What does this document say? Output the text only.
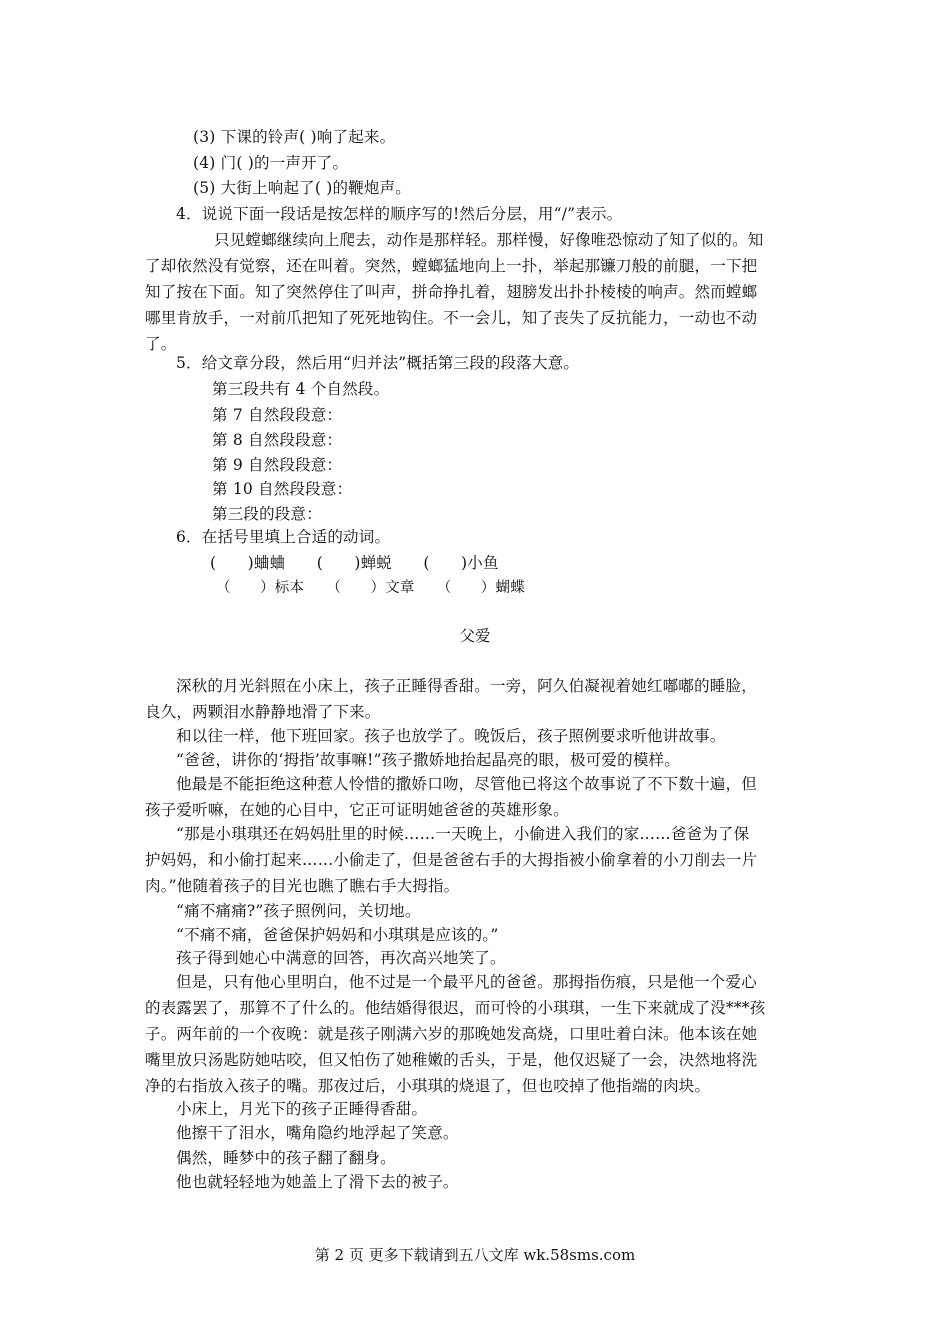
(3) 下课的铃声( )响了起来。
(4) 门( )的一声开了。
(5) 大街上响起了( )的鞭炮声。
4．说说下面一段话是按怎样的顺序写的!然后分层，用“/”表示。
只见螳螂继续向上爬去，动作是那样轻。那样慢，好像唯恐惊动了知了似的。知
了却依然没有觉察，还在叫着。突然，螳螂猛地向上一扑，举起那镰刀般的前腿，一下把
知了按在下面。知了突然停住了叫声，拼命挣扎着，翅膀发出扑扑棱棱的响声。然而螳螂
哪里肯放手，一对前爪把知了死死地钩住。不一会儿，知了丧失了反抗能力，一动也不动
了。
5．给文章分段，然后用“归并法”概括第三段的段落大意。
第三段共有 4 个自然段。
第 7 自然段段意：
第 8 自然段段意：
第 9 自然段段意：
第 10 自然段段意：
第三段的段意：
6．在括号里填上合适的动词。
(　　)蛐蛐　　(　　)蝉蜕　　(　　)小鱼
（　　）标本　　（　　）文章　　（　　）蝴蝶
父爱
深秋的月光斜照在小床上，孩子正睡得香甜。一旁，阿久伯凝视着她红嘟嘟的睡脸，
良久，两颗泪水静静地滑了下来。
和以往一样，他下班回家。孩子也放学了。晚饭后，孩子照例要求听他讲故事。
“爸爸，讲你的‘拇指’故事嘛!”孩子撒娇地抬起晶亮的眼，极可爱的模样。
他最是不能拒绝这种惹人怜惜的撒娇口吻，尽管他已将这个故事说了不下数十遍，但
孩子爱听嘛，在她的心目中，它正可证明她爸爸的英雄形象。
“那是小琪琪还在妈妈肚里的时候……一天晚上，小偷进入我们的家……爸爸为了保
护妈妈，和小偷打起来……小偷走了，但是爸爸右手的大拇指被小偷拿着的小刀削去一片
肉。”他随着孩子的目光也瞧了瞧右手大拇指。
“痛不痛痛?”孩子照例问，关切地。
“不痛不痛，爸爸保护妈妈和小琪琪是应该的。”
孩子得到她心中满意的回答，再次高兴地笑了。
但是，只有他心里明白，他不过是一个最平凡的爸爸。那拇指伤痕，只是他一个爱心
的表露罢了，那算不了什么的。他结婚得很迟，而可怜的小琪琪，一生下来就成了没***孩
子。两年前的一个夜晚：就是孩子刚满六岁的那晚她发高烧，口里吐着白沫。他本该在她
嘴里放只汤匙防她咕咬，但又怕伤了她稚嫩的舌头，于是，他仅迟疑了一会，决然地将洗
净的右指放入孩子的嘴。那夜过后，小琪琪的烧退了，但也咬掉了他指端的肉块。
小床上，月光下的孩子正睡得香甜。
他擦干了泪水，嘴角隐约地浮起了笑意。
偶然，睡梦中的孩子翻了翻身。
他也就轻轻地为她盖上了滑下去的被子。
第 2 页 更多下载请到五八文库 wk.58sms.com
